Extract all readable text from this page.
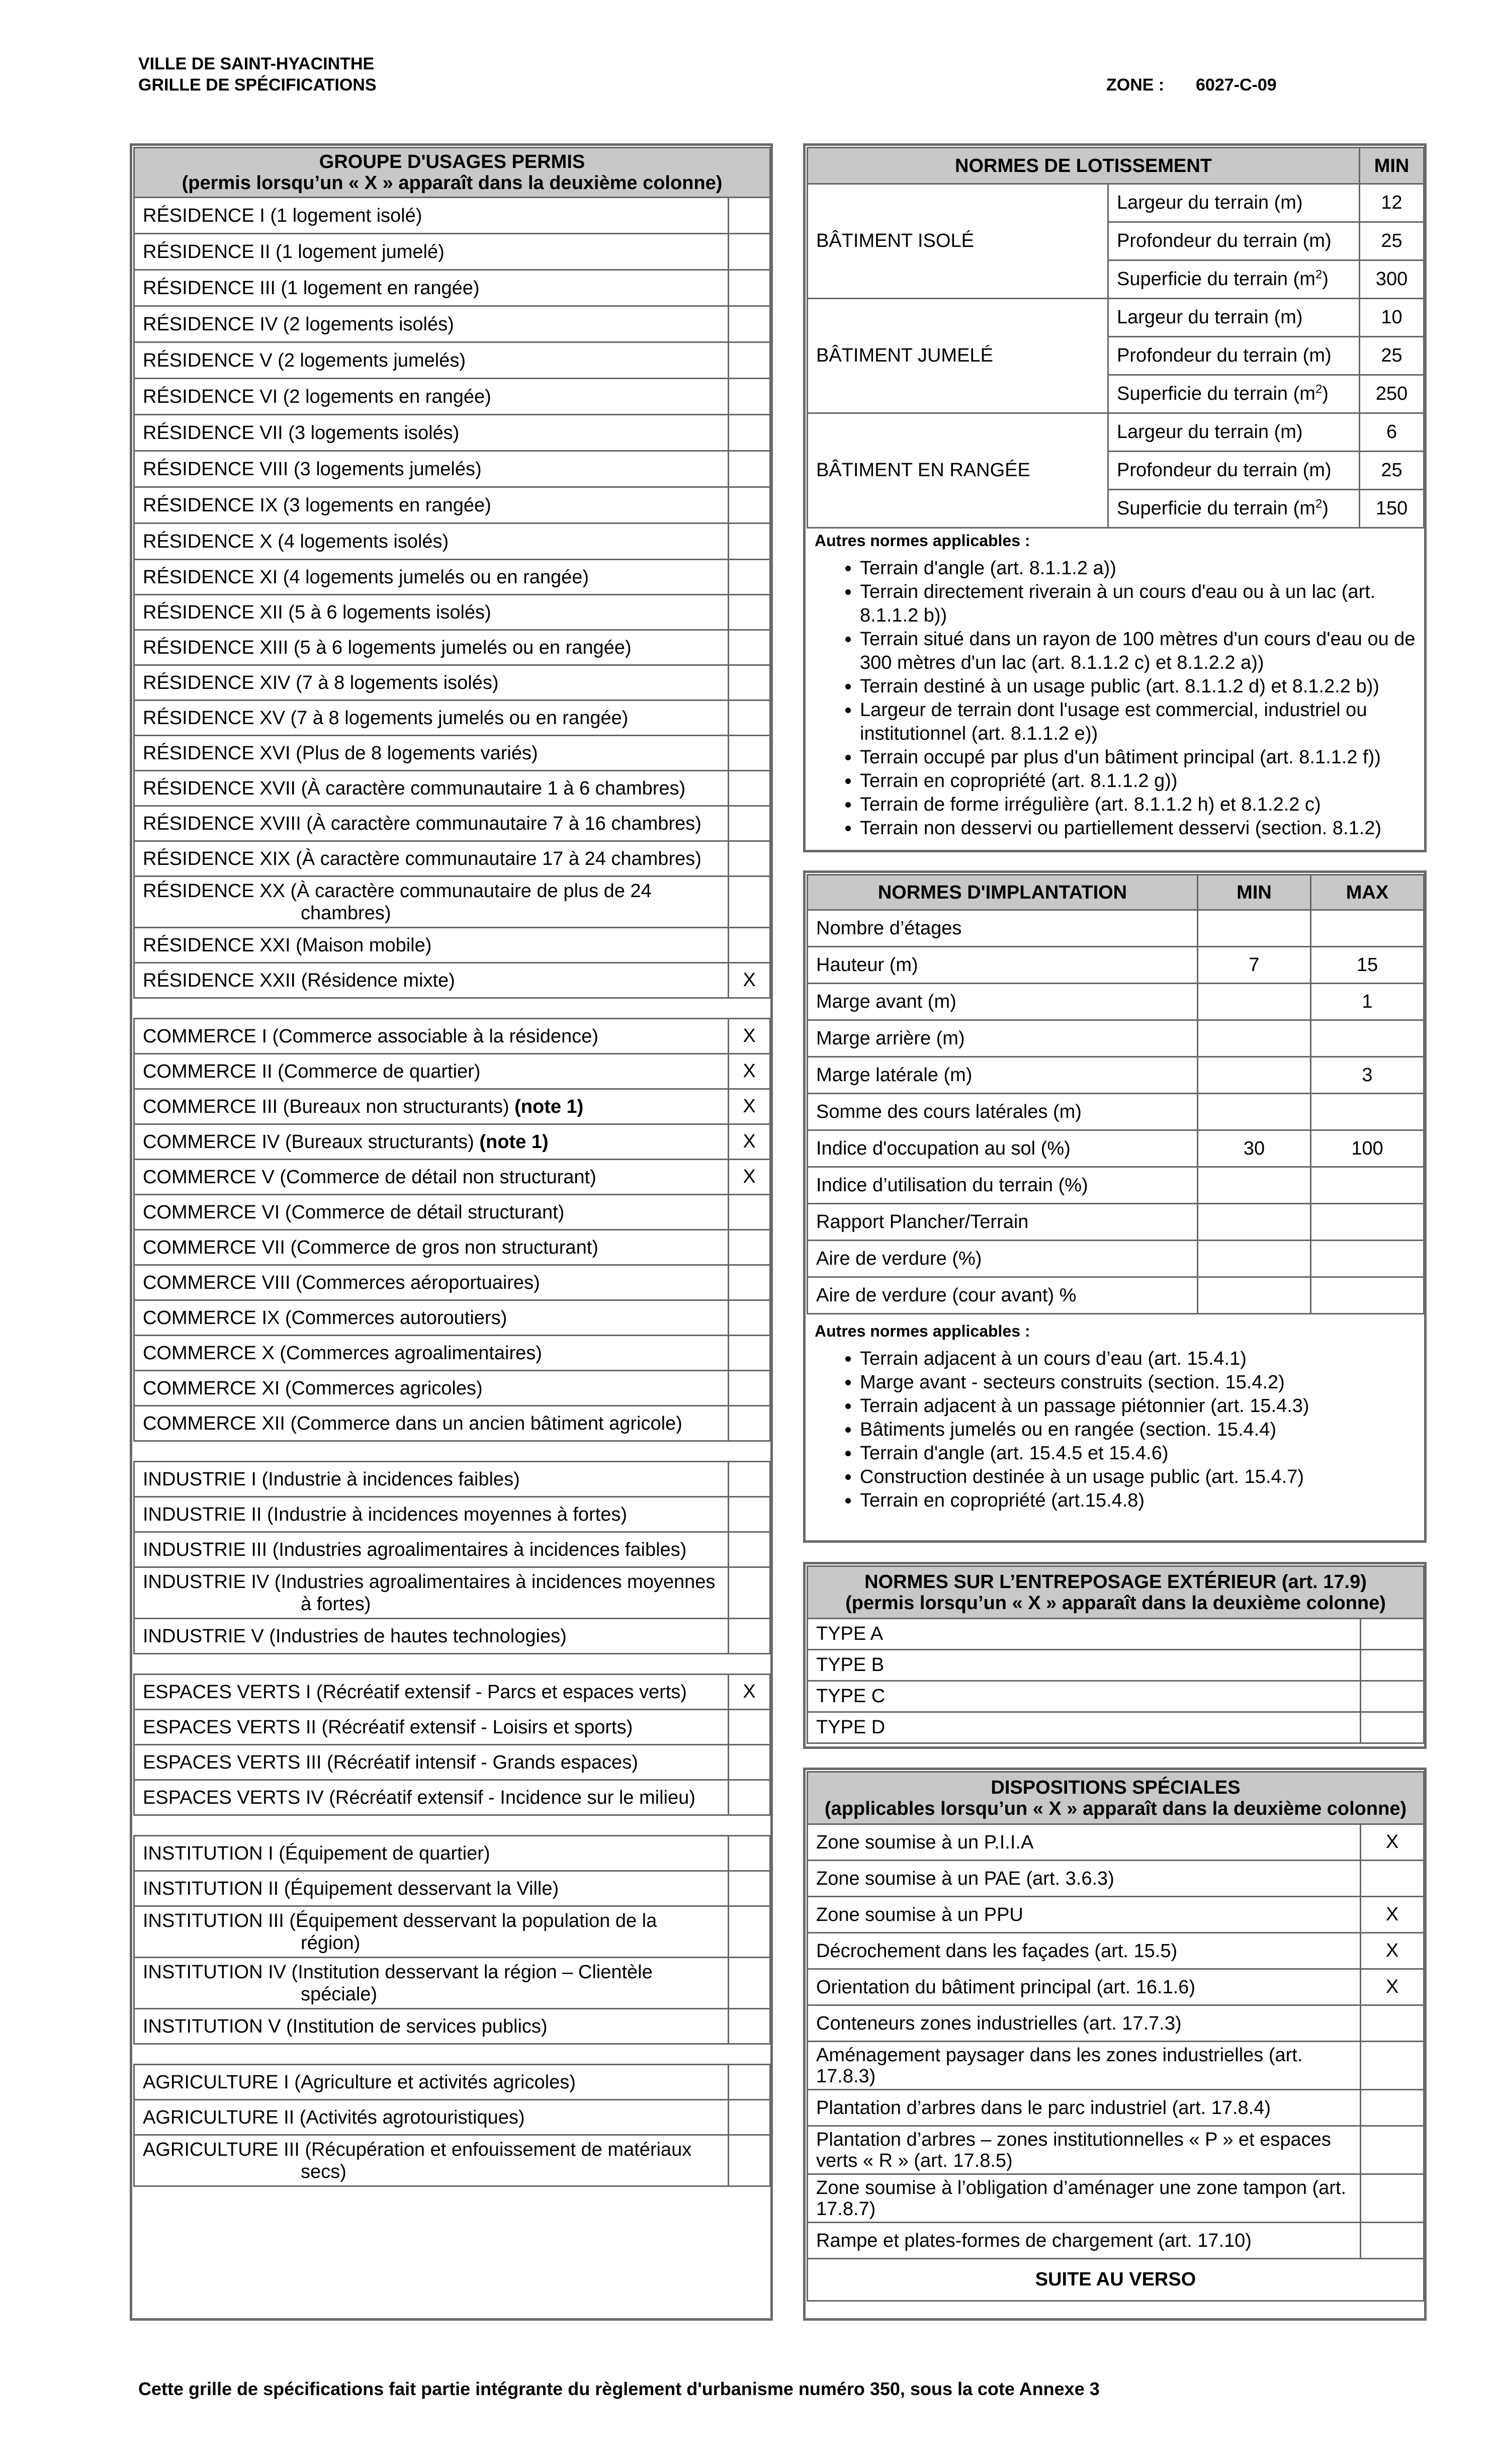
VILLE DE SAINT-HYACINTHE
GRILLE DE SPÉCIFICATIONS	ZONE : 6027-C-09
GROUPE D'USAGES PERMIS
(permis lorsqu’un « X » apparaît dans la deuxième colonne)	

RÉSIDENCE I (1 logement isolé)	
RÉSIDENCE II (1 logement jumelé)	
RÉSIDENCE III (1 logement en rangée)	
RÉSIDENCE IV (2 logements isolés)	
RÉSIDENCE V (2 logements jumelés)	
RÉSIDENCE VI (2 logements en rangée)	
RÉSIDENCE VII (3 logements isolés)	
RÉSIDENCE VIII (3 logements jumelés)	
RÉSIDENCE IX (3 logements en rangée)	
RÉSIDENCE X (4 logements isolés)	
RÉSIDENCE XI (4 logements jumelés ou en rangée)	
RÉSIDENCE XII (5 à 6 logements isolés)	
RÉSIDENCE XIII (5 à 6 logements jumelés ou en rangée)	
RÉSIDENCE XIV (7 à 8 logements isolés)	
RÉSIDENCE XV (7 à 8 logements jumelés ou en rangée)	
RÉSIDENCE XVI (Plus de 8 logements variés)	
RÉSIDENCE XVII (À caractère communautaire 1 à 6 chambres)	
RÉSIDENCE XVIII (À caractère communautaire 7 à 16 chambres)	
RÉSIDENCE XIX (À caractère communautaire 17 à 24 chambres)	
RÉSIDENCE XX (À caractère communautaire de plus de 24 chambres)	
RÉSIDENCE XXI (Maison mobile)	
RÉSIDENCE XXII (Résidence mixte)	X

COMMERCE I (Commerce associable à la résidence)	X
COMMERCE II (Commerce de quartier)	X
COMMERCE III (Bureaux non structurants) (note 1)	X
COMMERCE IV (Bureaux structurants) (note 1)	X
COMMERCE V (Commerce de détail non structurant)	X
COMMERCE VI (Commerce de détail structurant)	
COMMERCE VII (Commerce de gros non structurant)	
COMMERCE VIII (Commerces aéroportuaires)	
COMMERCE IX (Commerces autoroutiers)	
COMMERCE X (Commerces agroalimentaires)	
COMMERCE XI (Commerces agricoles)	
COMMERCE XII (Commerce dans un ancien bâtiment agricole)	

INDUSTRIE I (Industrie à incidences faibles)	
INDUSTRIE II (Industrie à incidences moyennes à fortes)	
INDUSTRIE III (Industries agroalimentaires à incidences faibles)	
INDUSTRIE IV (Industries agroalimentaires à incidences moyennes à fortes)	
INDUSTRIE V (Industries de hautes technologies)	

ESPACES VERTS I (Récréatif extensif - Parcs et espaces verts)	X
ESPACES VERTS II (Récréatif extensif - Loisirs et sports)	
ESPACES VERTS III (Récréatif intensif - Grands espaces)	
ESPACES VERTS IV (Récréatif extensif - Incidence sur le milieu)	

INSTITUTION I (Équipement de quartier)	
INSTITUTION II (Équipement desservant la Ville)	
INSTITUTION III (Équipement desservant la population de la région)	
INSTITUTION IV (Institution desservant la région – Clientèle spéciale)	
INSTITUTION V (Institution de services publics)	

AGRICULTURE I (Agriculture et activités agricoles)	
AGRICULTURE II (Activités agrotouristiques)	
AGRICULTURE III (Récupération et enfouissement de matériaux secs)	
NORMES DE LOTISSEMENT		MIN
BÂTIMENT ISOLÉ	Largeur du terrain (m)	12
	Profondeur du terrain (m)	25
	Superficie du terrain $(m^2)$	300
BÂTIMENT JUMELÉ	Largeur du terrain (m)	10
	Profondeur du terrain (m)	25
	Superficie du terrain $(m^2)$	250
BÂTIMENT EN RANGÉE	Largeur du terrain (m)	6
	Profondeur du terrain (m)	25
	Superficie du terrain $(m^2)$	150
Autres normes applicables :
• Terrain d'angle (art. 8.1.1.2 a))
• Terrain directement riverain à un cours d'eau ou à un lac (art. 8.1.1.2 b))
• Terrain situé dans un rayon de 100 mètres d'un cours d'eau ou de 300 mètres d'un lac (art. 8.1.1.2 c) et 8.1.2.2 a))
• Terrain destiné à un usage public (art. 8.1.1.2 d) et 8.1.2.2 b))
• Largeur de terrain dont l'usage est commercial, industriel ou institutionnel (art. 8.1.1.2 e))
• Terrain occupé par plus d'un bâtiment principal (art. 8.1.1.2 f))
• Terrain en copropriété (art. 8.1.1.2 g))
• Terrain de forme irrégulière (art. 8.1.1.2 h) et 8.1.2.2 c)
• Terrain non desservi ou partiellement desservi (section. 8.1.2)
NORMES D'IMPLANTATION	MIN	MAX
Nombre d’étages		
Hauteur (m)	7	15
Marge avant (m)		1
Marge arrière (m)		
Marge latérale (m)		3
Somme des cours latérales (m)		
Indice d'occupation au sol (%)	30	100
Indice d’utilisation du terrain (%)		
Rapport Plancher/Terrain		
Aire de verdure (%)		
Aire de verdure (cour avant) %		
Autres normes applicables :
• Terrain adjacent à un cours d’eau (art. 15.4.1)
• Marge avant - secteurs construits (section. 15.4.2)
• Terrain adjacent à un passage piétonnier (art. 15.4.3)
• Bâtiments jumelés ou en rangée (section. 15.4.4)
• Terrain d'angle (art. 15.4.5 et 15.4.6)
• Construction destinée à un usage public (art. 15.4.7)
• Terrain en copropriété (art.15.4.8)
NORMES SUR L’ENTREPOSAGE EXTÉRIEUR (art. 17.9)
(permis lorsqu’un « X » apparaît dans la deuxième colonne)	

TYPE A	
TYPE B	
TYPE C	
TYPE D	
DISPOSITIONS SPÉCIALES
(applicables lorsqu’un « X » apparaît dans la deuxième colonne)	

Zone soumise à un P.I.I.A	X
Zone soumise à un PAE (art. 3.6.3)	
Zone soumise à un PPU	X
Décrochement dans les façades (art. 15.5)	X
Orientation du bâtiment principal (art. 16.1.6)	X
Conteneurs zones industrielles (art. 17.7.3)	
Aménagement paysager dans les zones industrielles (art. 17.8.3)	
Plantation d’arbres dans le parc industriel (art. 17.8.4)	
Plantation d’arbres – zones institutionnelles « P » et espaces verts « R » (art. 17.8.5)	
Zone soumise à l’obligation d’aménager une zone tampon (art. 17.8.7)	
Rampe et plates-formes de chargement (art. 17.10)	
SUITE AU VERSO	
Cette grille de spécifications fait partie intégrante du règlement d'urbanisme numéro 350, sous la cote Annexe 3
